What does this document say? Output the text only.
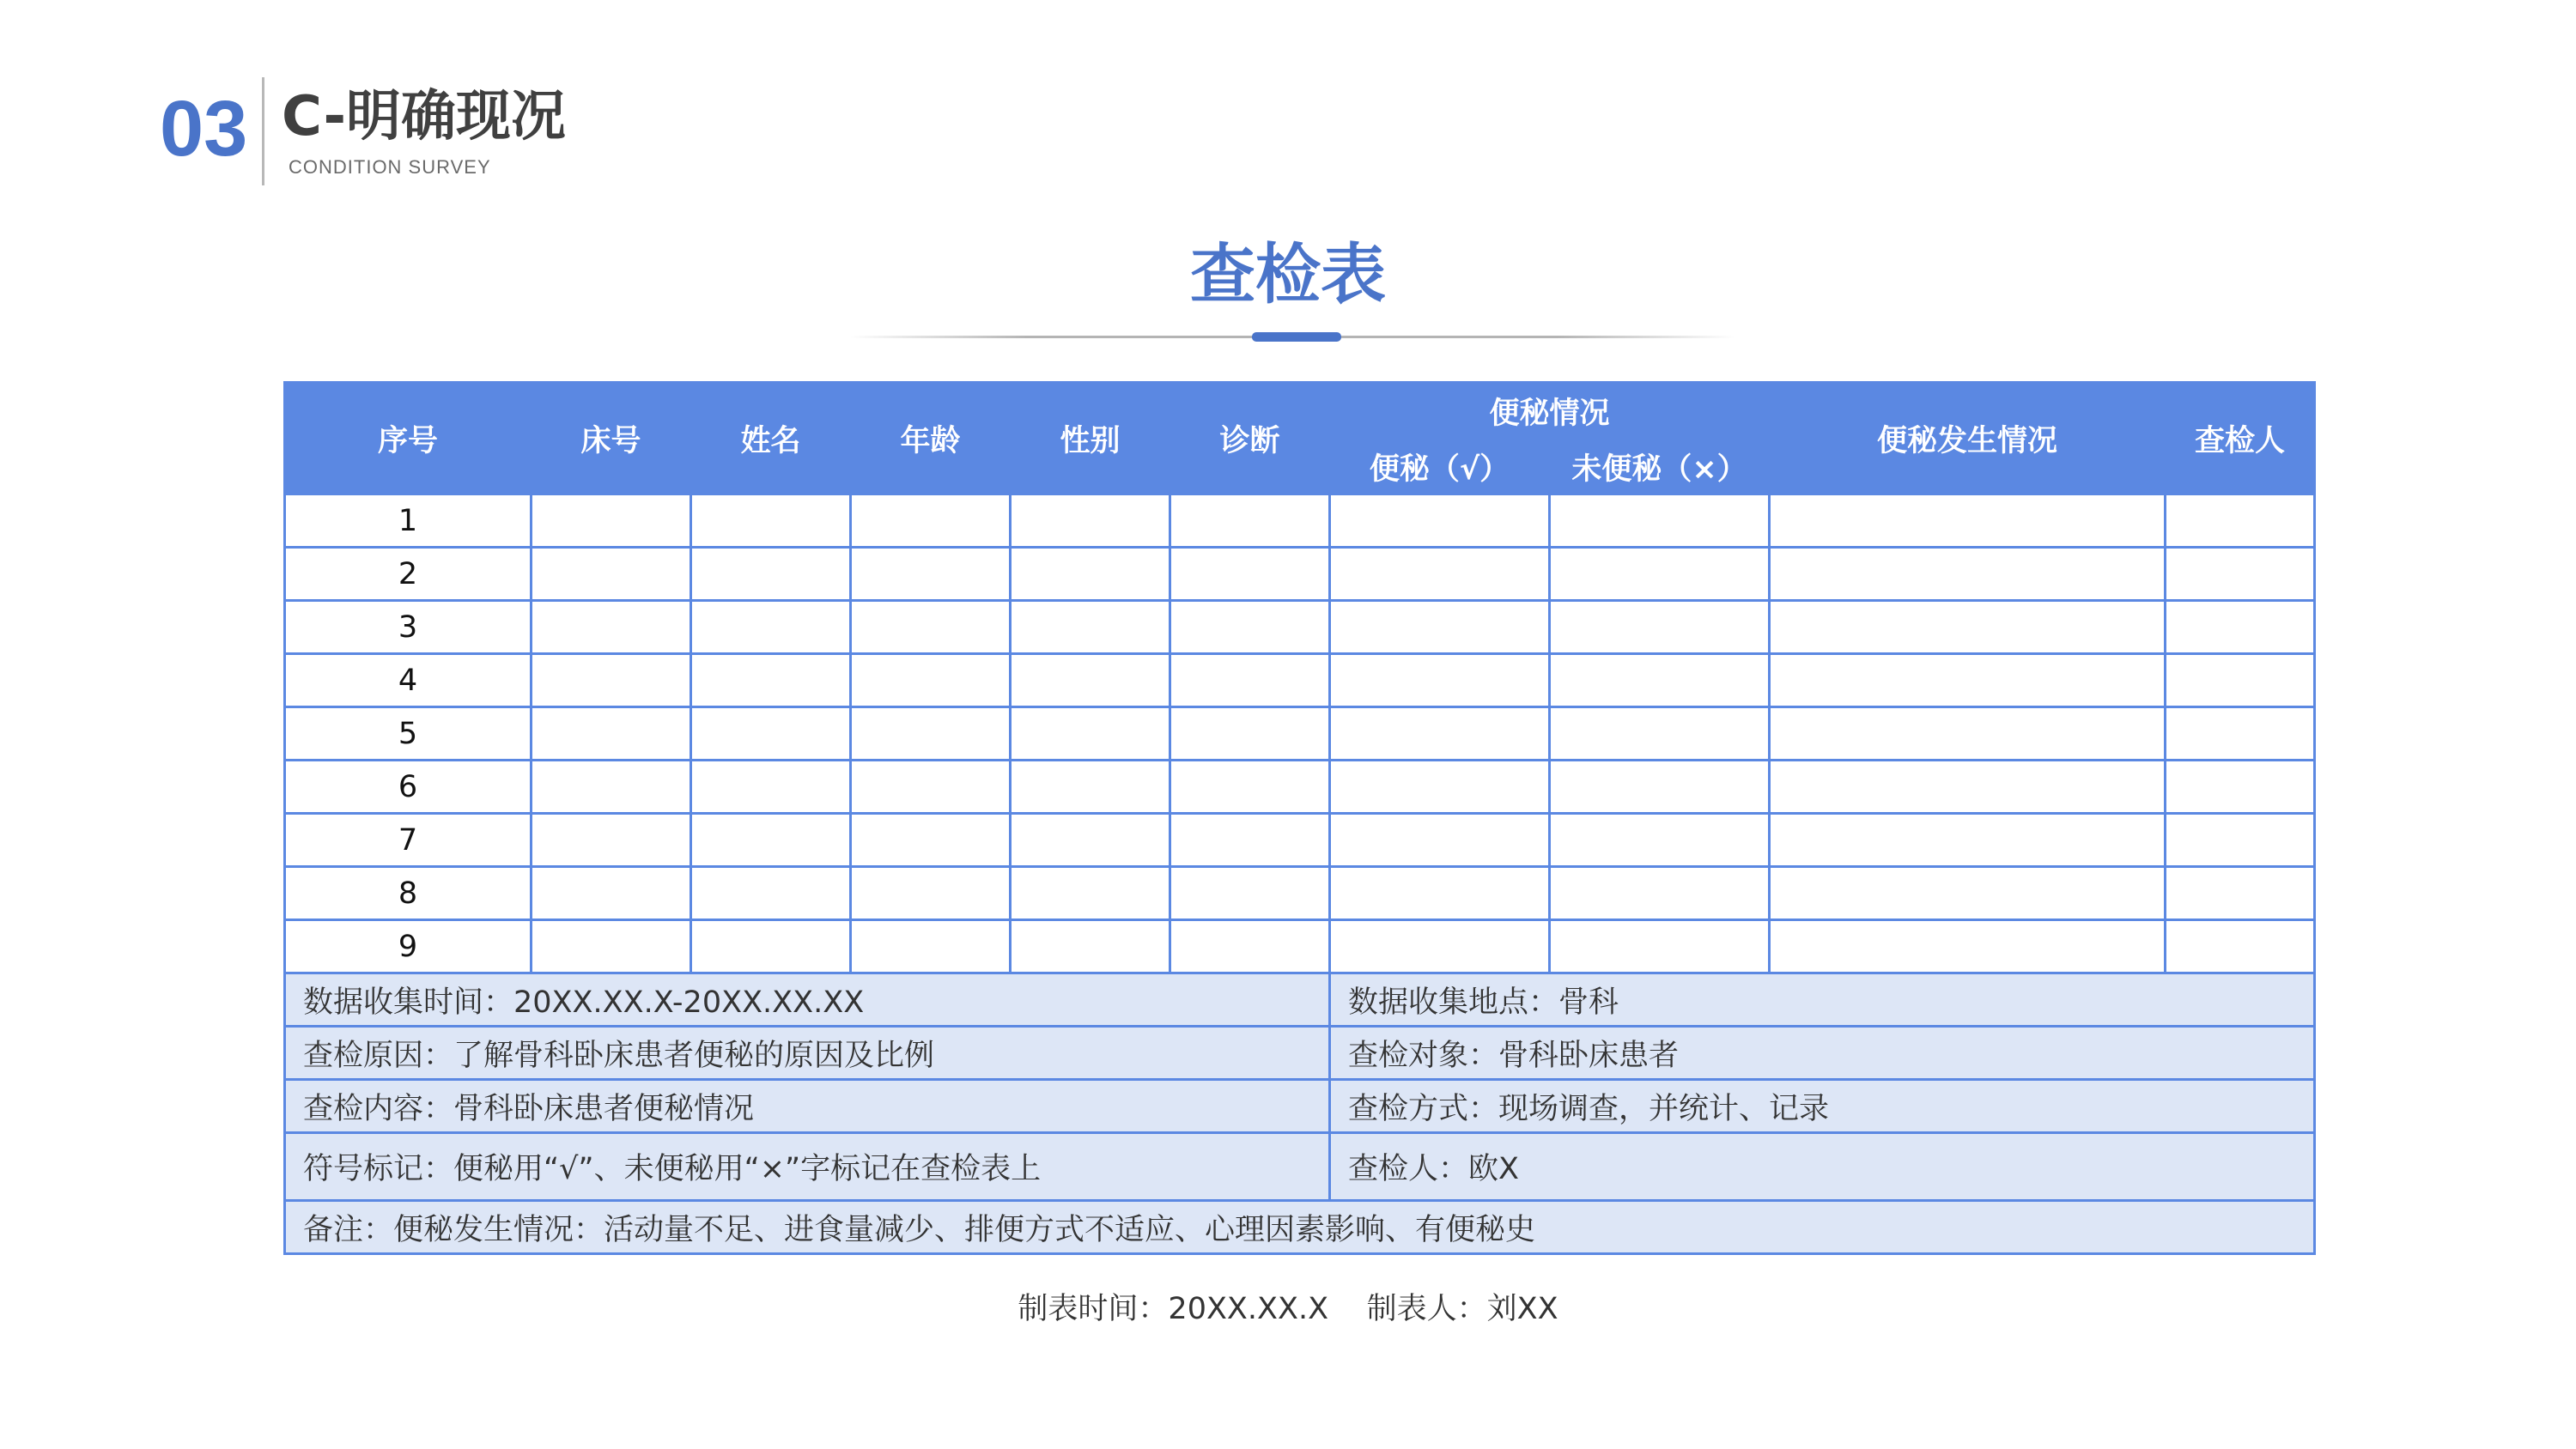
03 C-明确现况
CONDITION SURVEY
查检表
序号	床号	姓名	年龄	性别	诊断	便秘情况		便秘发生情况	查检人
						便秘（√）	未便秘（×）		
1									
2									
3									
4									
5									
6									
7									
8									
9									
数据收集时间：20XX.XX.X-20XX.XX.XX						数据收集地点：骨科			
查检原因：了解骨科卧床患者便秘的原因及比例						查检对象：骨科卧床患者			
查检内容：骨科卧床患者便秘情况						查检方式：现场调查，并统计、记录			
符号标记：便秘用“√”、未便秘用“×”字标记在查检表上						查检人：欧X			
备注：便秘发生情况：活动量不足、进食量减少、排便方式不适应、心理因素影响、有便秘史									
制表时间：20XX.XX.X    制表人：刘XX
